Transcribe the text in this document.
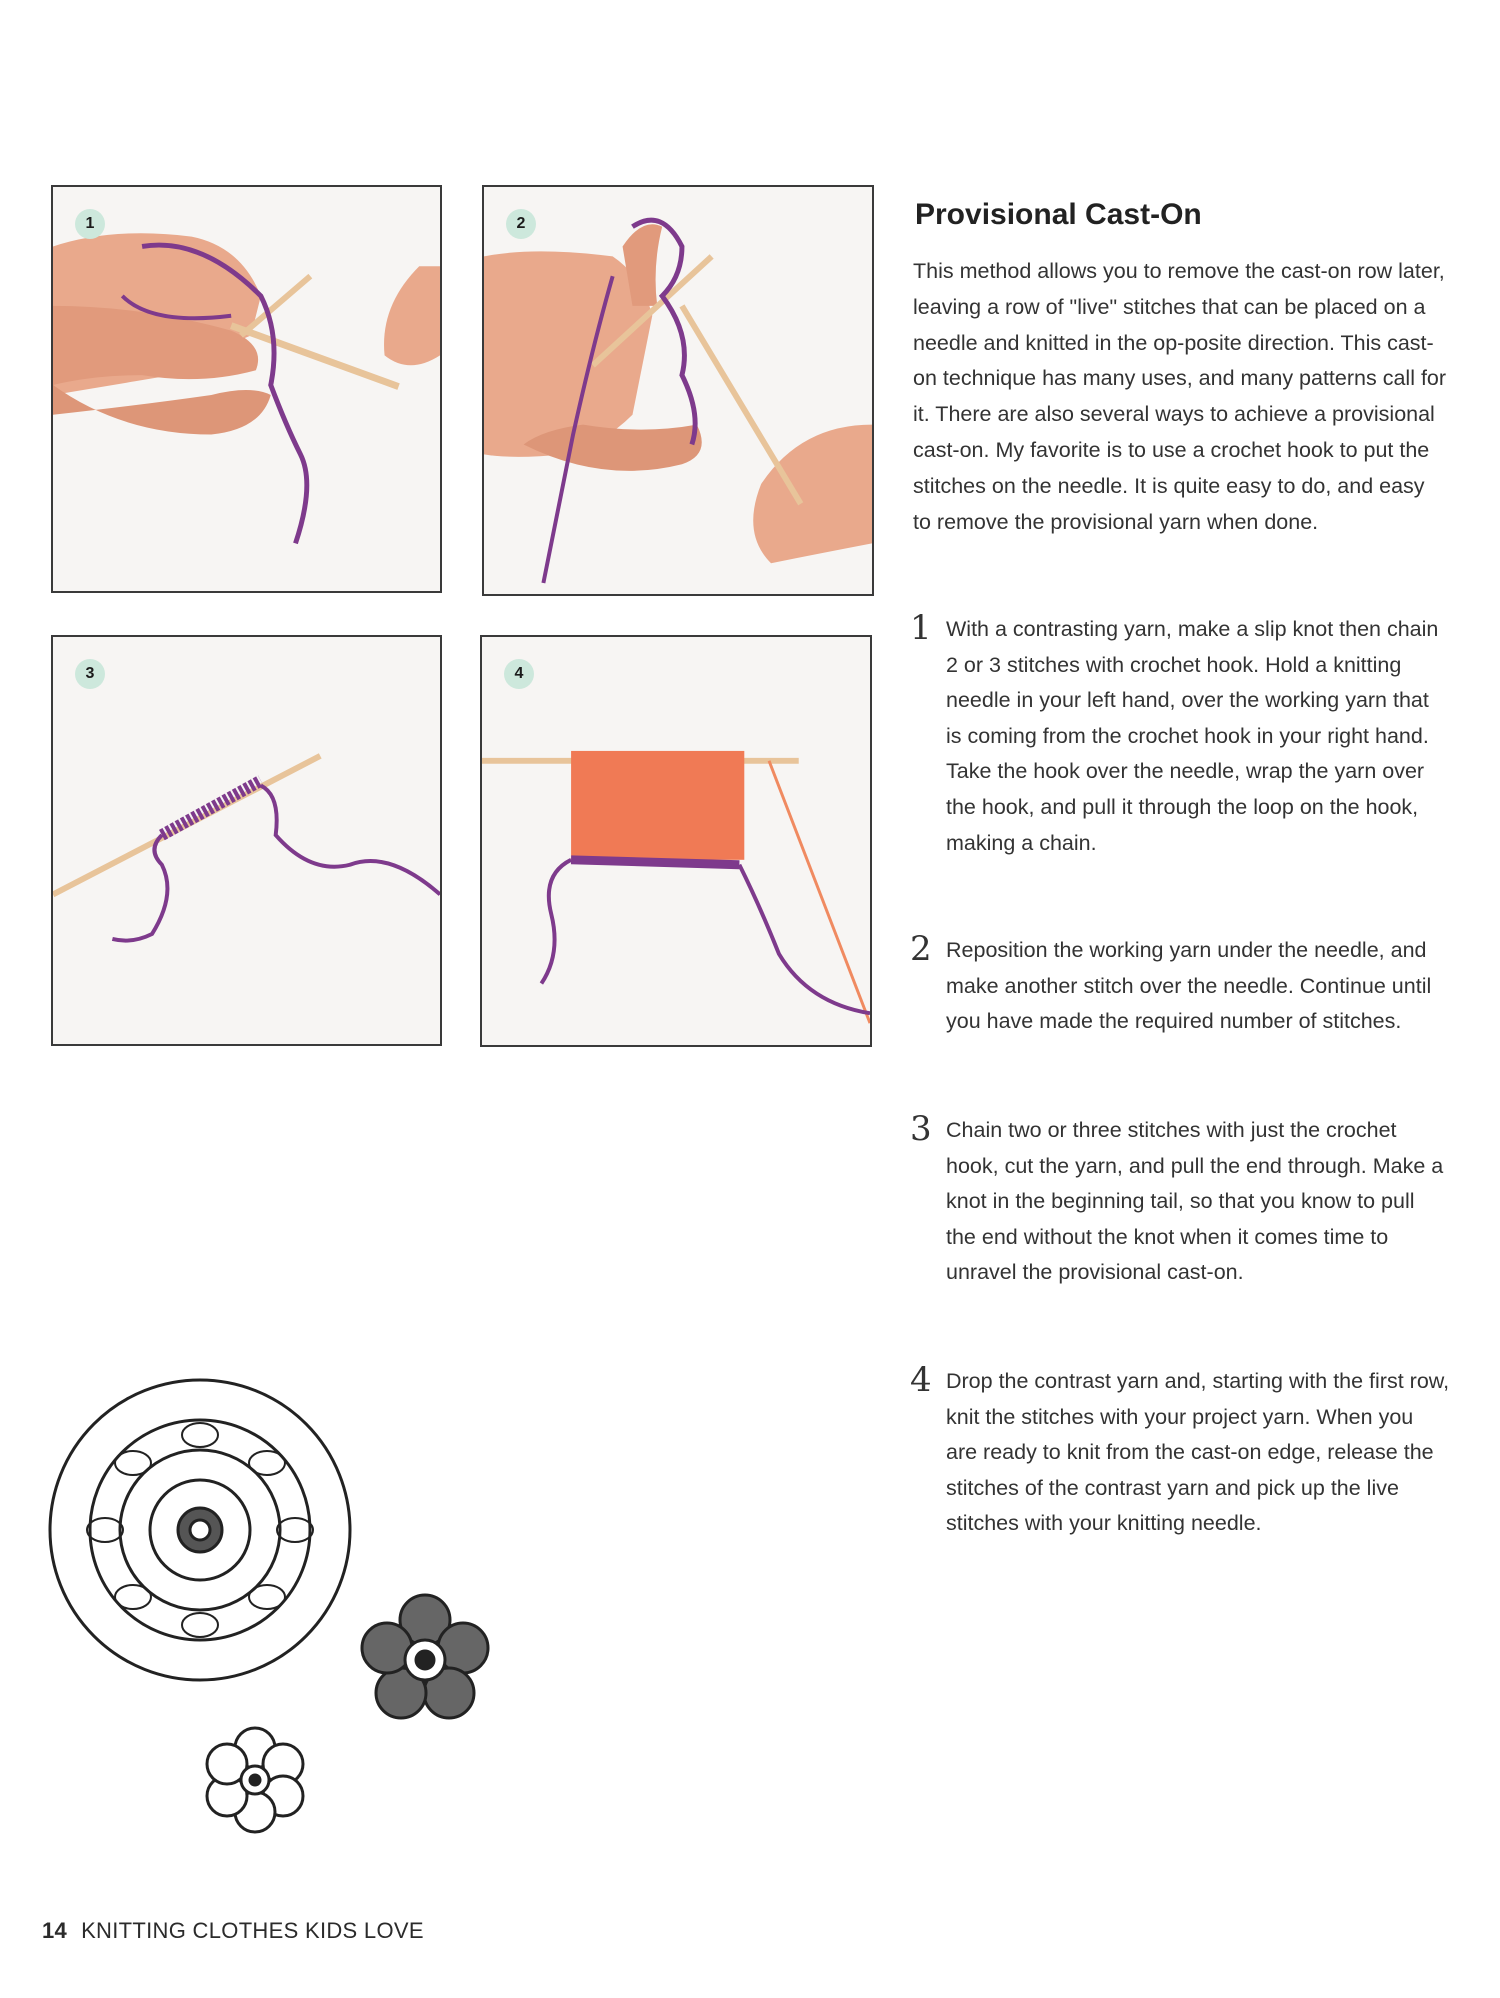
1	2
3	4
Provisional Cast-On
This method allows you to remove the cast-on row later, leaving a row of "live" stitches that can be placed on a needle and knitted in the op-posite direction. This cast-on technique has many uses, and many patterns call for it. There are also several ways to achieve a provisional cast-on. My favorite is to use a crochet hook to put the stitches on the needle. It is quite easy to do, and easy to remove the provisional yarn when done.
1 With a contrasting yarn, make a slip knot then chain 2 or 3 stitches with crochet hook. Hold a knitting needle in your left hand, over the working yarn that is coming from the crochet hook in your right hand. Take the hook over the needle, wrap the yarn over the hook, and pull it through the loop on the hook, making a chain.
2 Reposition the working yarn under the needle, and make another stitch over the needle. Continue until you have made the required number of stitches.
3 Chain two or three stitches with just the crochet hook, cut the yarn, and pull the end through. Make a knot in the beginning tail, so that you know to pull the end without the knot when it comes time to unravel the provisional cast-on.
4 Drop the contrast yarn and, starting with the first row, knit the stitches with your project yarn. When you are ready to knit from the cast-on edge, release the stitches of the contrast yarn and pick up the live stitches with your knitting needle.
14 KNITTING CLOTHES KIDS LOVE
